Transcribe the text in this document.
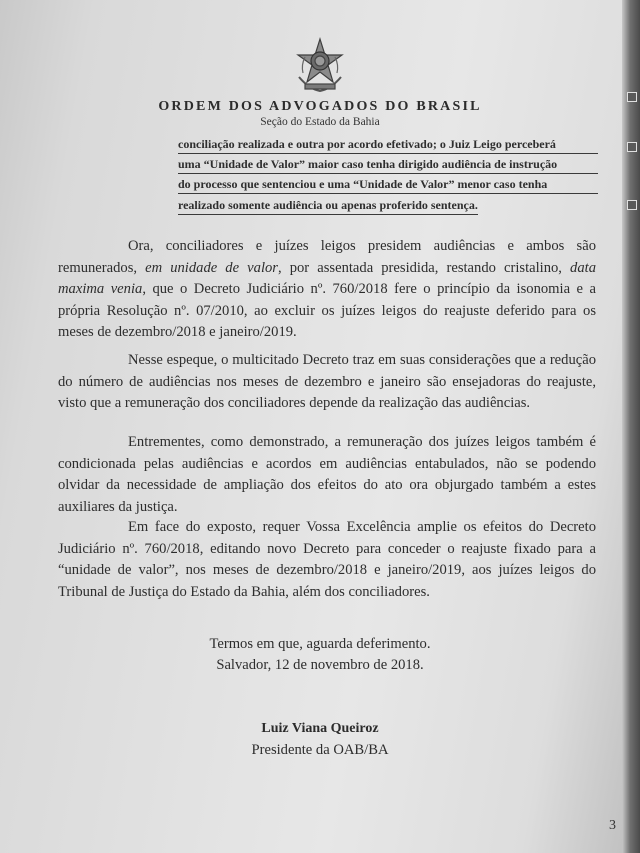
ORDEM DOS ADVOGADOS DO BRASIL
Seção do Estado da Bahia
conciliação realizada e outra por acordo efetivado; o Juiz Leigo perceberá
uma “Unidade de Valor” maior caso tenha dirigido audiência de instrução
do processo que sentenciou e uma “Unidade de Valor” menor caso tenha
realizado somente audiência ou apenas proferido sentença.
Ora, conciliadores e juízes leigos presidem audiências e ambos são remunerados, em unidade de valor, por assentada presidida, restando cristalino, data maxima venia, que o Decreto Judiciário nº. 760/2018 fere o princípio da isonomia e a própria Resolução nº. 07/2010, ao excluir os juízes leigos do reajuste deferido para os meses de dezembro/2018 e janeiro/2019.
Nesse espeque, o multicitado Decreto traz em suas considerações que a redução do número de audiências nos meses de dezembro e janeiro são ensejadoras do reajuste, visto que a remuneração dos conciliadores depende da realização das audiências.
Entrementes, como demonstrado, a remuneração dos juízes leigos também é condicionada pelas audiências e acordos em audiências entabulados, não se podendo olvidar da necessidade de ampliação dos efeitos do ato ora objurgado também a estes auxiliares da justiça.
Em face do exposto, requer Vossa Excelência amplie os efeitos do Decreto Judiciário nº. 760/2018, editando novo Decreto para conceder o reajuste fixado para a “unidade de valor”, nos meses de dezembro/2018 e janeiro/2019, aos juízes leigos do Tribunal de Justiça do Estado da Bahia, além dos conciliadores.
Termos em que, aguarda deferimento.
Salvador, 12 de novembro de 2018.
Luiz Viana Queiroz
Presidente da OAB/BA
3
